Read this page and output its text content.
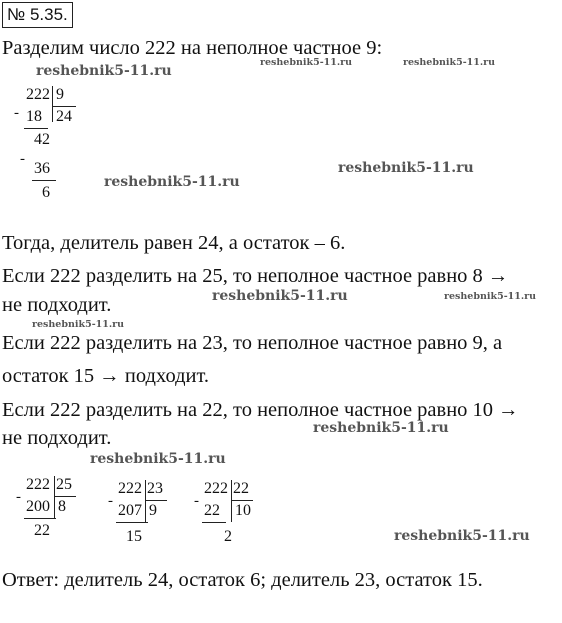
№ 5.35.
Разделим число 222 на неполное частное 9:
reshebnik5-11.ru
reshebnik5-11.ru	reshebnik5-11.ru
222 9
24
- 18
42
-
36
6
reshebnik5-11.ru
reshebnik5-11.ru
Тогда, делитель равен 24, а остаток – 6.
Если 222 разделить на 25, то неполное частное равно 8 →
не подходит.	reshebnik5-11.ru	reshebnik5-11.ru
reshebnik5-11.ru
Если 222 разделить на 23, то неполное частное равно 9, а
остаток 15 → подходит.
Если 222 разделить на 22, то неполное частное равно 10 →
не подходит.	reshebnik5-11.ru
reshebnik5-11.ru
222 25
8
-
200
22
222 23
9
-
207
15
222 22
10
-
22
2	reshebnik5-11.ru
Ответ: делитель 24, остаток 6; делитель 23, остаток 15.
